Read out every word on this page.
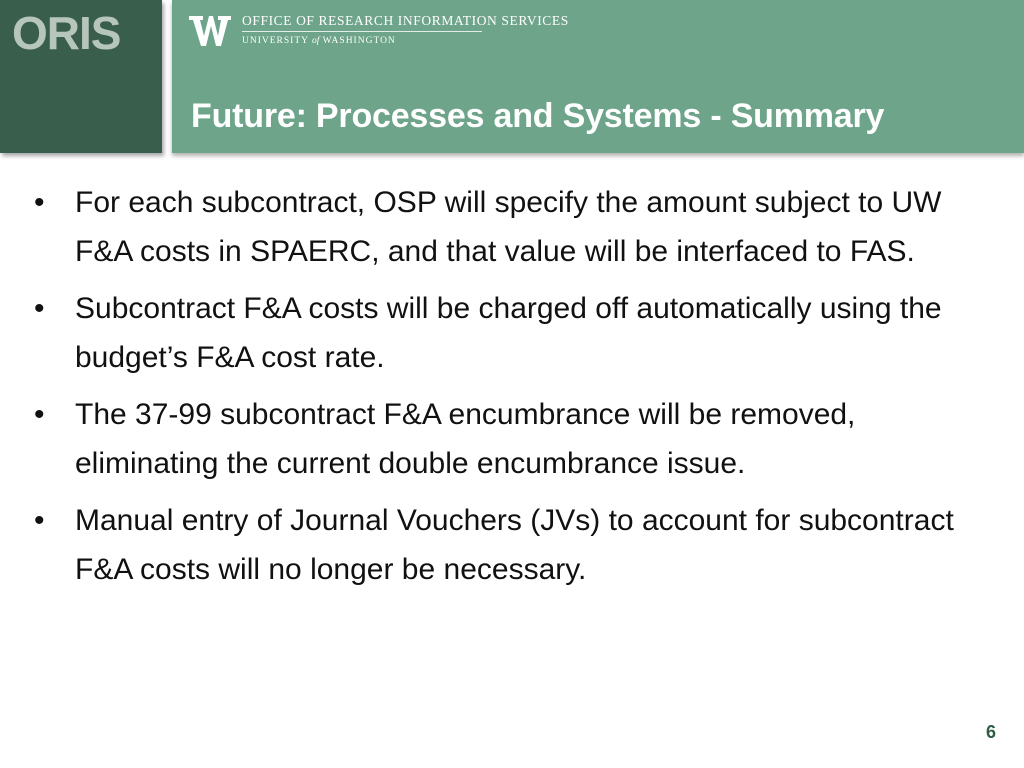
ORIS	OFFICE OF RESEARCH INFORMATION SERVICES
UNIVERSITY of WASHINGTON
Future: Processes and Systems - Summary
• For each subcontract, OSP will specify the amount subject to UW F&A costs in SPAERC, and that value will be interfaced to FAS.
• Subcontract F&A costs will be charged off automatically using the budget’s F&A cost rate.
• The 37-99 subcontract F&A encumbrance will be removed, eliminating the current double encumbrance issue.
• Manual entry of Journal Vouchers (JVs) to account for subcontract F&A costs will no longer be necessary.
6
